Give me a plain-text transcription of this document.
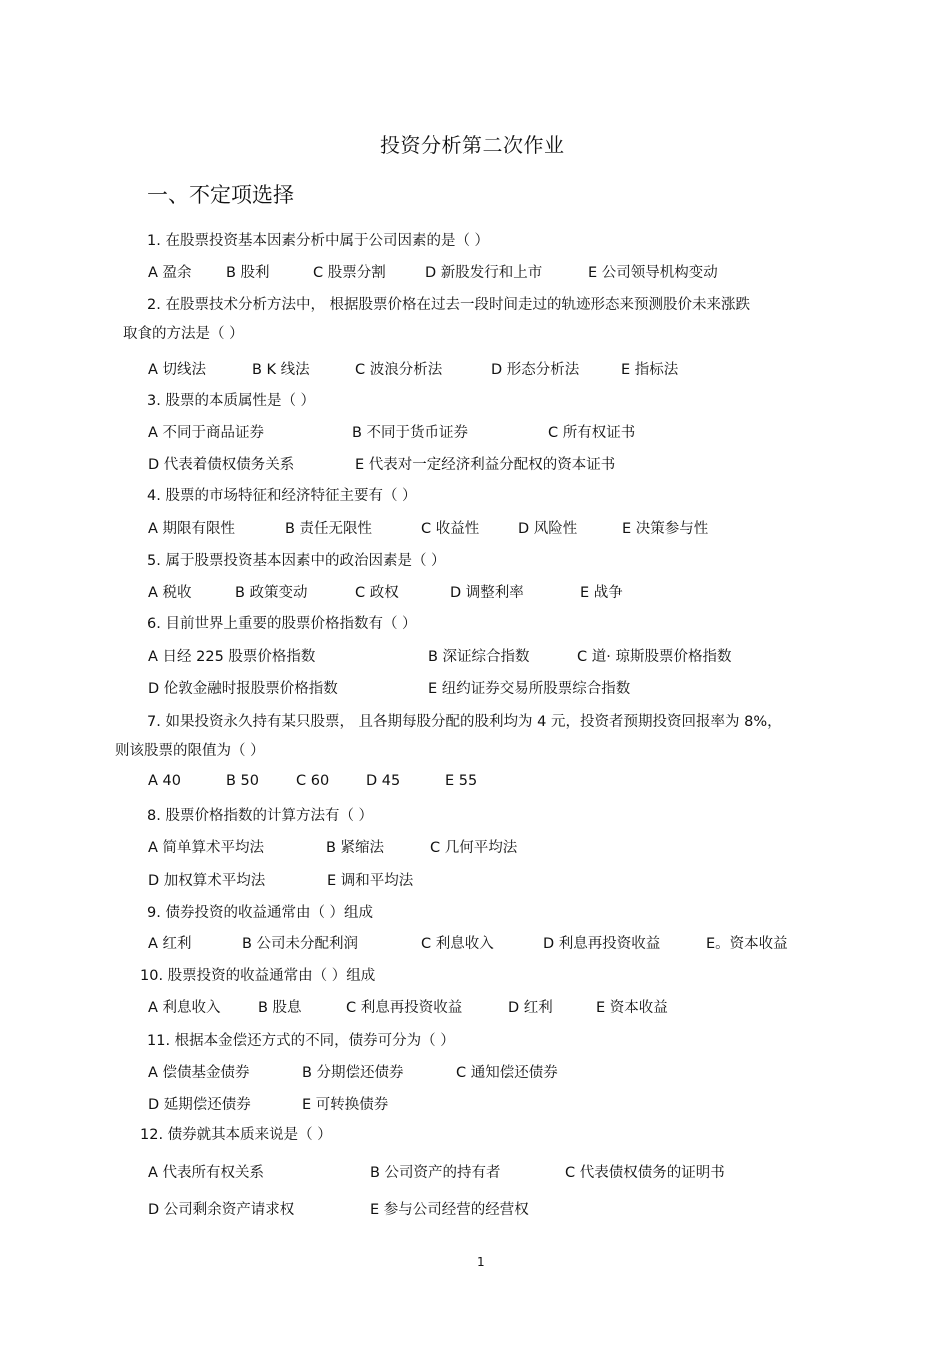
投资分析第二次作业
一、不定项选择
1. 在股票投资基本因素分析中属于公司因素的是（ ）
A 盈余 B 股利	C 股票分割	D 新股发行和上市	E 公司领导机构变动
2. 在股票技术分析方法中， 根据股票价格在过去一段时间走过的轨迹形态来预测股价未来涨跌
取食的方法是（ ）
A 切线法	B K 线法	C 波浪分析法	D 形态分析法	E 指标法
3. 股票的本质属性是（ ）
A 不同于商品证券	B 不同于货币证券	C 所有权证书
D 代表着债权债务关系	E 代表对一定经济利益分配权的资本证书
4. 股票的市场特征和经济特征主要有（ ）
A 期限有限性	B 责任无限性	C 收益性	D 风险性	E 决策参与性
5. 属于股票投资基本因素中的政治因素是（ ）
A 税收	B 政策变动	C 政权	D 调整利率	E 战争
6. 目前世界上重要的股票价格指数有（ ）
A 日经 225 股票价格指数	B 深证综合指数	C 道· 琼斯股票价格指数
D 伦敦金融时报股票价格指数	E 纽约证券交易所股票综合指数
7. 如果投资永久持有某只股票， 且各期每股分配的股利均为 4 元，投资者预期投资回报率为 8%，
则该股票的限值为（ ）
A 40	B 50	C 60	D 45	E 55
8. 股票价格指数的计算方法有（ ）
A 简单算术平均法	B 紧缩法	C 几何平均法
D 加权算术平均法	E 调和平均法
9. 债券投资的收益通常由（ ）组成
A 红利	B 公司未分配利润	C 利息收入	D 利息再投资收益	E。资本收益
10. 股票投资的收益通常由（ ）组成
A 利息收入	B 股息	C 利息再投资收益	D 红利	E 资本收益
11. 根据本金偿还方式的不同，债券可分为（ ）
A 偿债基金债券	B 分期偿还债券	C 通知偿还债券
D 延期偿还债券	E 可转换债券
12. 债券就其本质来说是（ ）
A 代表所有权关系	B 公司资产的持有者	C 代表债权债务的证明书
D 公司剩余资产请求权	E 参与公司经营的经营权
1
